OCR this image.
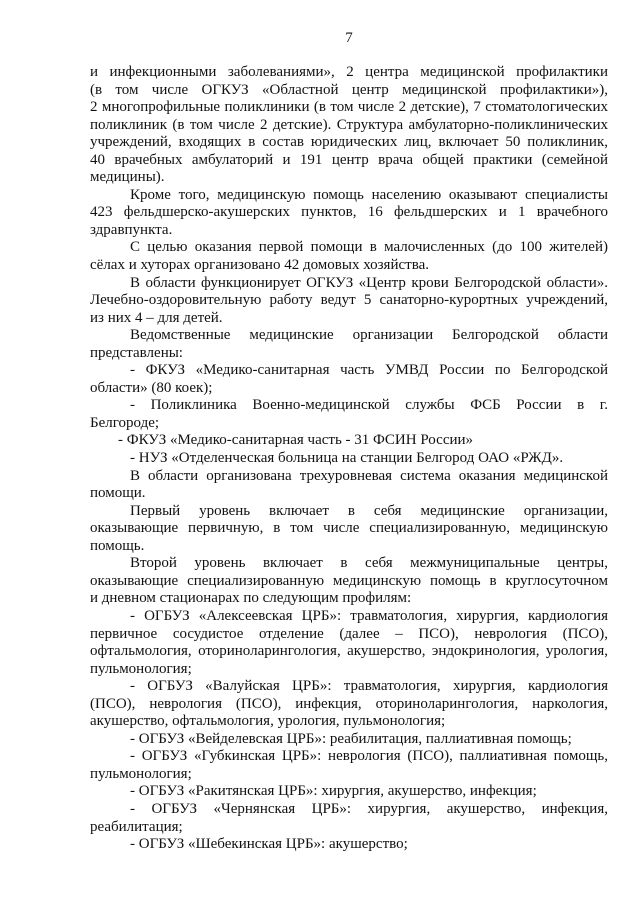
7
и инфекционными заболеваниями», 2 центра медицинской профилактики
(в том числе ОГКУЗ «Областной центр медицинской профилактики»),
2 многопрофильные поликлиники (в том числе 2 детские), 7 стоматологических
поликлиник (в том числе 2 детские). Структура амбулаторно-поликлинических
учреждений, входящих в состав юридических лиц, включает 50 поликлиник,
40 врачебных амбулаторий и 191 центр врача общей практики (семейной
медицины).
Кроме того, медицинскую помощь населению оказывают специалисты
423 фельдшерско-акушерских пунктов, 16 фельдшерских и 1 врачебного
здравпункта.
С целью оказания первой помощи в малочисленных (до 100 жителей)
сёлах и хуторах организовано 42 домовых хозяйства.
В области функционирует ОГКУЗ «Центр крови Белгородской области».
Лечебно-оздоровительную работу ведут 5 санаторно-курортных учреждений,
из них 4 – для детей.
Ведомственные медицинские организации Белгородской области
представлены:
- ФКУЗ «Медико-санитарная часть УМВД России по Белгородской
области» (80 коек);
- Поликлиника Военно-медицинской службы ФСБ России в г.
Белгороде;
- ФКУЗ «Медико-санитарная часть - 31 ФСИН России»
- НУЗ «Отделенческая больница на станции Белгород ОАО «РЖД».
В области организована трехуровневая система оказания медицинской
помощи.
Первый уровень включает в себя медицинские организации,
оказывающие первичную, в том числе специализированную, медицинскую
помощь.
Второй уровень включает в себя межмуниципальные центры,
оказывающие специализированную медицинскую помощь в круглосуточном
и дневном стационарах по следующим профилям:
- ОГБУЗ «Алексеевская ЦРБ»: травматология, хирургия, кардиология
первичное сосудистое отделение (далее – ПСО), неврология (ПСО),
офтальмология, оториноларингология, акушерство, эндокринология, урология,
пульмонология;
- ОГБУЗ «Валуйская ЦРБ»: травматология, хирургия, кардиология
(ПСО), неврология (ПСО), инфекция, оториноларингология, наркология,
акушерство, офтальмология, урология, пульмонология;
- ОГБУЗ «Вейделевская ЦРБ»: реабилитация, паллиативная помощь;
- ОГБУЗ «Губкинская ЦРБ»: неврология (ПСО), паллиативная помощь,
пульмонология;
- ОГБУЗ «Ракитянская ЦРБ»: хирургия, акушерство, инфекция;
- ОГБУЗ «Чернянская ЦРБ»: хирургия, акушерство, инфекция,
реабилитация;
- ОГБУЗ «Шебекинская ЦРБ»: акушерство;
